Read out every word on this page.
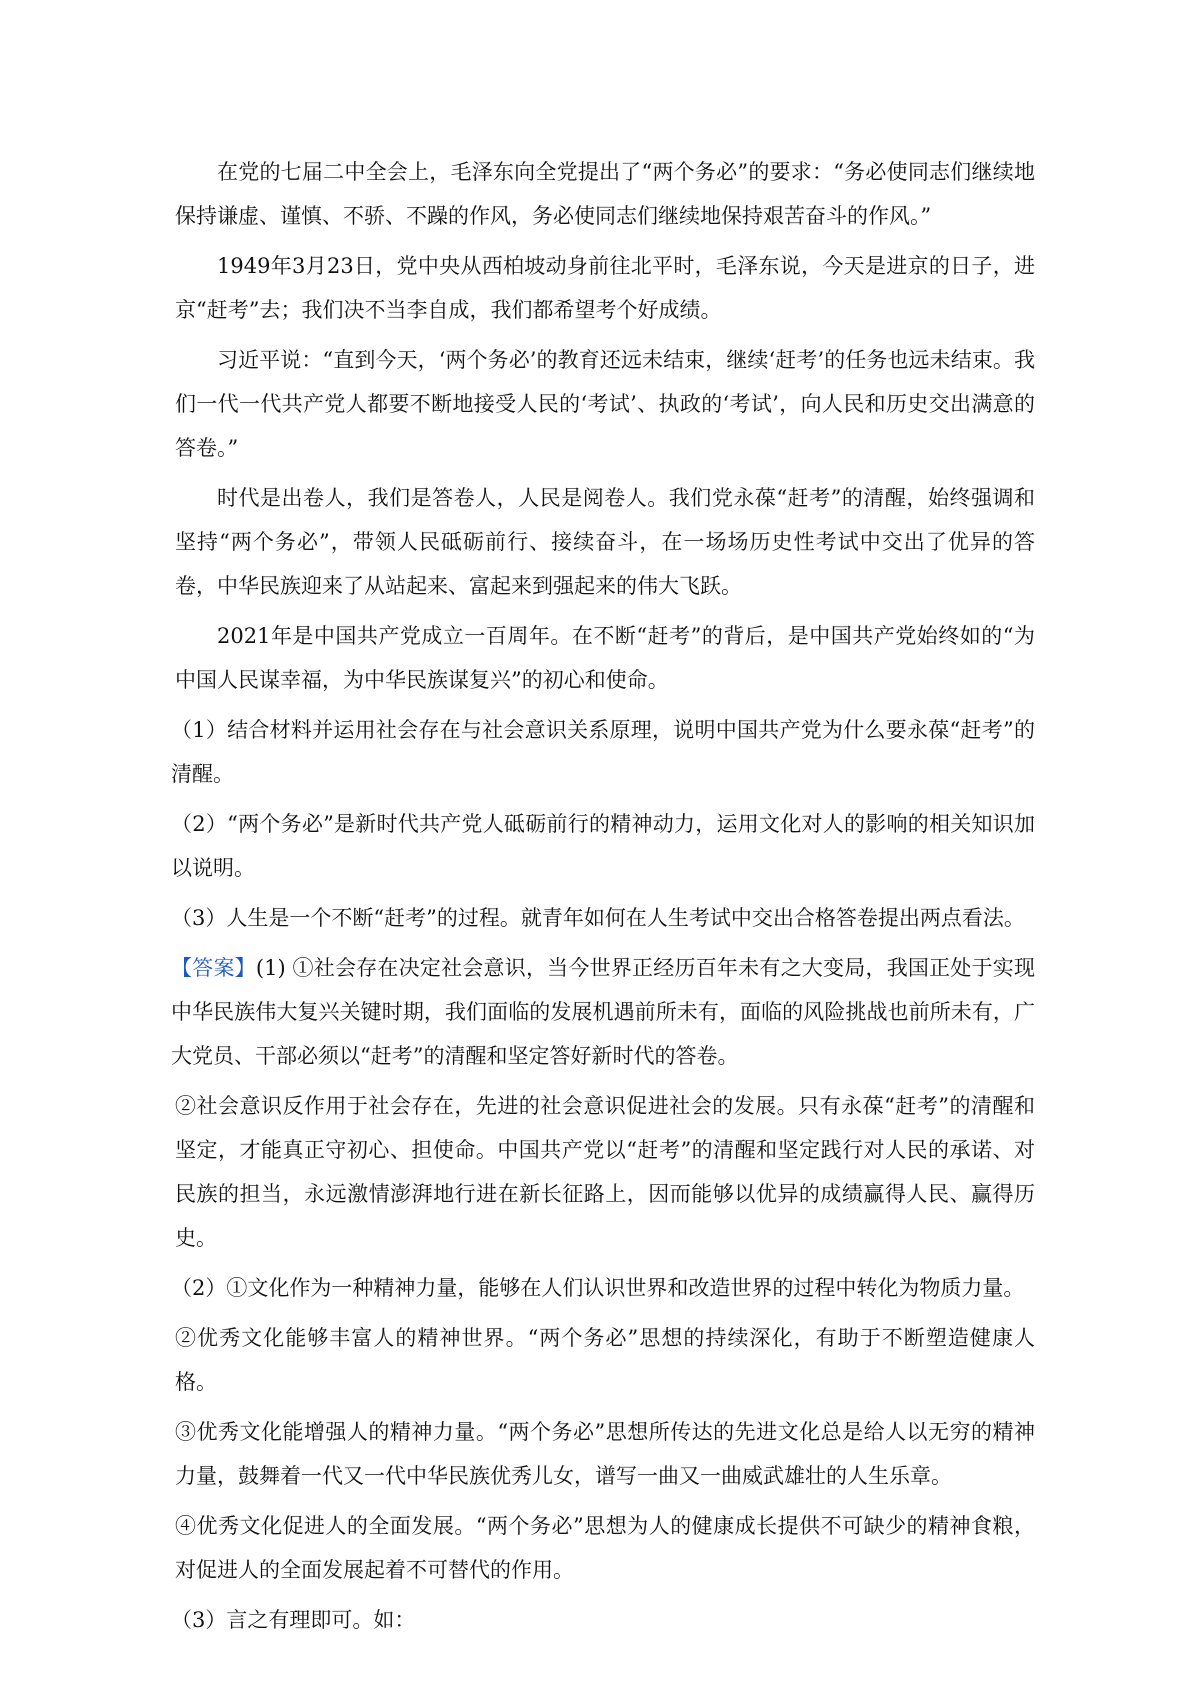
在党的七届二中全会上，毛泽东向全党提出了“两个务必”的要求：“务必使同志们继续地保持谦虚、谨慎、不骄、不躁的作风，务必使同志们继续地保持艰苦奋斗的作风。”

1949年3月23日，党中央从西柏坡动身前往北平时，毛泽东说，今天是进京的日子，进京“赶考”去；我们决不当李自成，我们都希望考个好成绩。

习近平说：“直到今天，‘两个务必’的教育还远未结束，继续‘赶考’的任务也远未结束。我们一代一代共产党人都要不断地接受人民的‘考试’、执政的‘考试’，向人民和历史交出满意的答卷。”

时代是出卷人，我们是答卷人，人民是阅卷人。我们党永葆“赶考”的清醒，始终强调和坚持“两个务必”，带领人民砥砺前行、接续奋斗，在一场场历史性考试中交出了优异的答卷，中华民族迎来了从站起来、富起来到强起来的伟大飞跃。

2021年是中国共产党成立一百周年。在不断“赶考”的背后，是中国共产党始终如的“为中国人民谋幸福，为中华民族谋复兴”的初心和使命。

（1）结合材料并运用社会存在与社会意识关系原理，说明中国共产党为什么要永葆“赶考”的清醒。

（2）“两个务必”是新时代共产党人砥砺前行的精神动力，运用文化对人的影响的相关知识加以说明。

（3）人生是一个不断“赶考”的过程。就青年如何在人生考试中交出合格答卷提出两点看法。

【答案】(1) ①社会存在决定社会意识，当今世界正经历百年未有之大变局，我国正处于实现中华民族伟大复兴关键时期，我们面临的发展机遇前所未有，面临的风险挑战也前所未有，广大党员、干部必须以“赶考”的清醒和坚定答好新时代的答卷。

②社会意识反作用于社会存在，先进的社会意识促进社会的发展。只有永葆“赶考”的清醒和坚定，才能真正守初心、担使命。中国共产党以“赶考”的清醒和坚定践行对人民的承诺、对民族的担当，永远激情澎湃地行进在新长征路上，因而能够以优异的成绩赢得人民、赢得历史。

（2）①文化作为一种精神力量，能够在人们认识世界和改造世界的过程中转化为物质力量。

②优秀文化能够丰富人的精神世界。“两个务必”思想的持续深化，有助于不断塑造健康人格。

③优秀文化能增强人的精神力量。“两个务必”思想所传达的先进文化总是给人以无穷的精神力量，鼓舞着一代又一代中华民族优秀儿女，谱写一曲又一曲威武雄壮的人生乐章。

④优秀文化促进人的全面发展。“两个务必”思想为人的健康成长提供不可缺少的精神食粮，对促进人的全面发展起着不可替代的作用。

（3）言之有理即可。如：
